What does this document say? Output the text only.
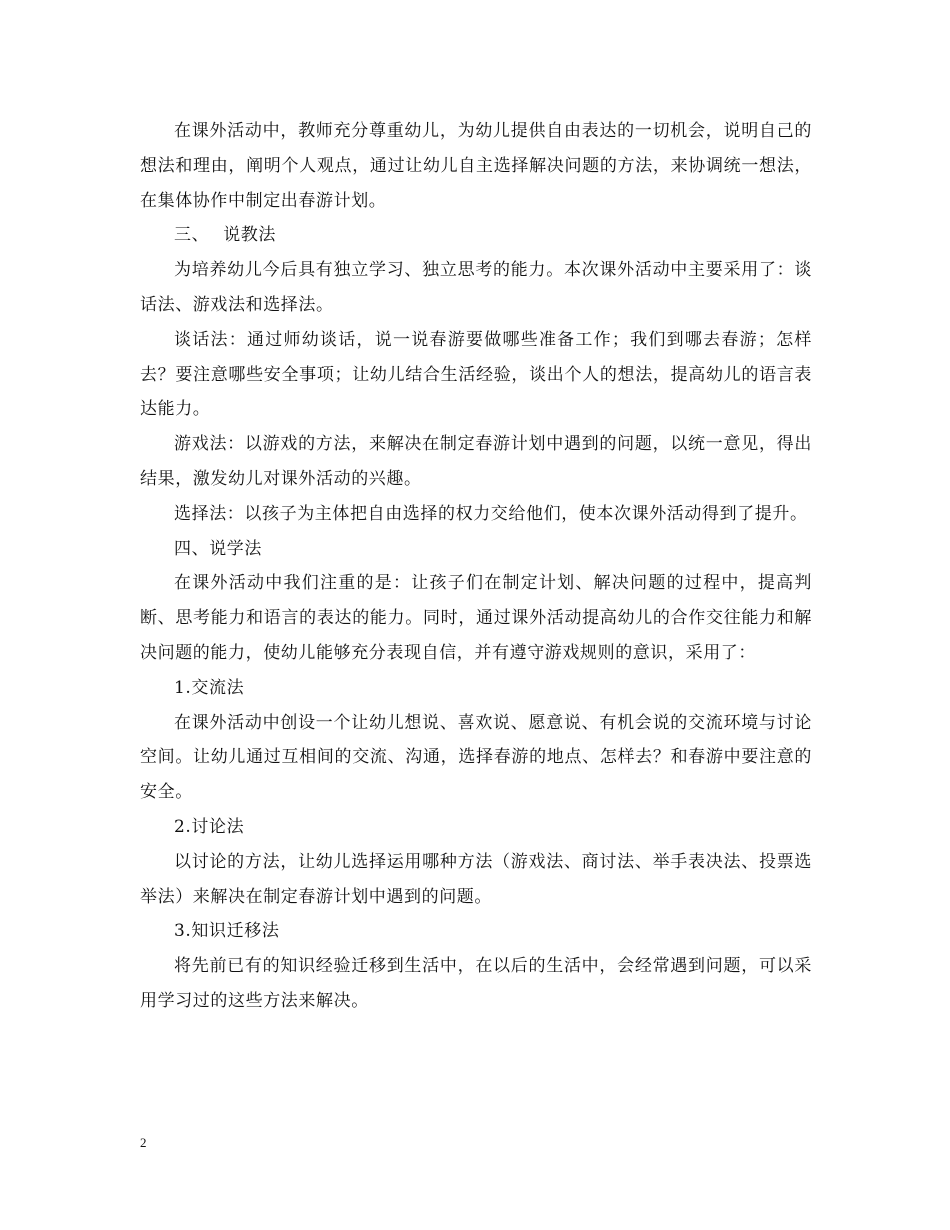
在课外活动中，教师充分尊重幼儿，为幼儿提供自由表达的一切机会，说明自己的想法和理由，阐明个人观点，通过让幼儿自主选择解决问题的方法，来协调统一想法，在集体协作中制定出春游计划。

三、 说教法

为培养幼儿今后具有独立学习、独立思考的能力。本次课外活动中主要采用了：谈话法、游戏法和选择法。

谈话法：通过师幼谈话，说一说春游要做哪些准备工作；我们到哪去春游；怎样去？要注意哪些安全事项；让幼儿结合生活经验，谈出个人的想法，提高幼儿的语言表达能力。

游戏法：以游戏的方法，来解决在制定春游计划中遇到的问题，以统一意见，得出结果，激发幼儿对课外活动的兴趣。

选择法：以孩子为主体把自由选择的权力交给他们，使本次课外活动得到了提升。

四、说学法

在课外活动中我们注重的是：让孩子们在制定计划、解决问题的过程中，提高判断、思考能力和语言的表达的能力。同时，通过课外活动提高幼儿的合作交往能力和解决问题的能力，使幼儿能够充分表现自信，并有遵守游戏规则的意识，采用了：

1.交流法

在课外活动中创设一个让幼儿想说、喜欢说、愿意说、有机会说的交流环境与讨论空间。让幼儿通过互相间的交流、沟通，选择春游的地点、怎样去？和春游中要注意的安全。

2.讨论法

以讨论的方法，让幼儿选择运用哪种方法（游戏法、商讨法、举手表决法、投票选举法）来解决在制定春游计划中遇到的问题。

3.知识迁移法

将先前已有的知识经验迁移到生活中，在以后的生活中，会经常遇到问题，可以采用学习过的这些方法来解决。

2
